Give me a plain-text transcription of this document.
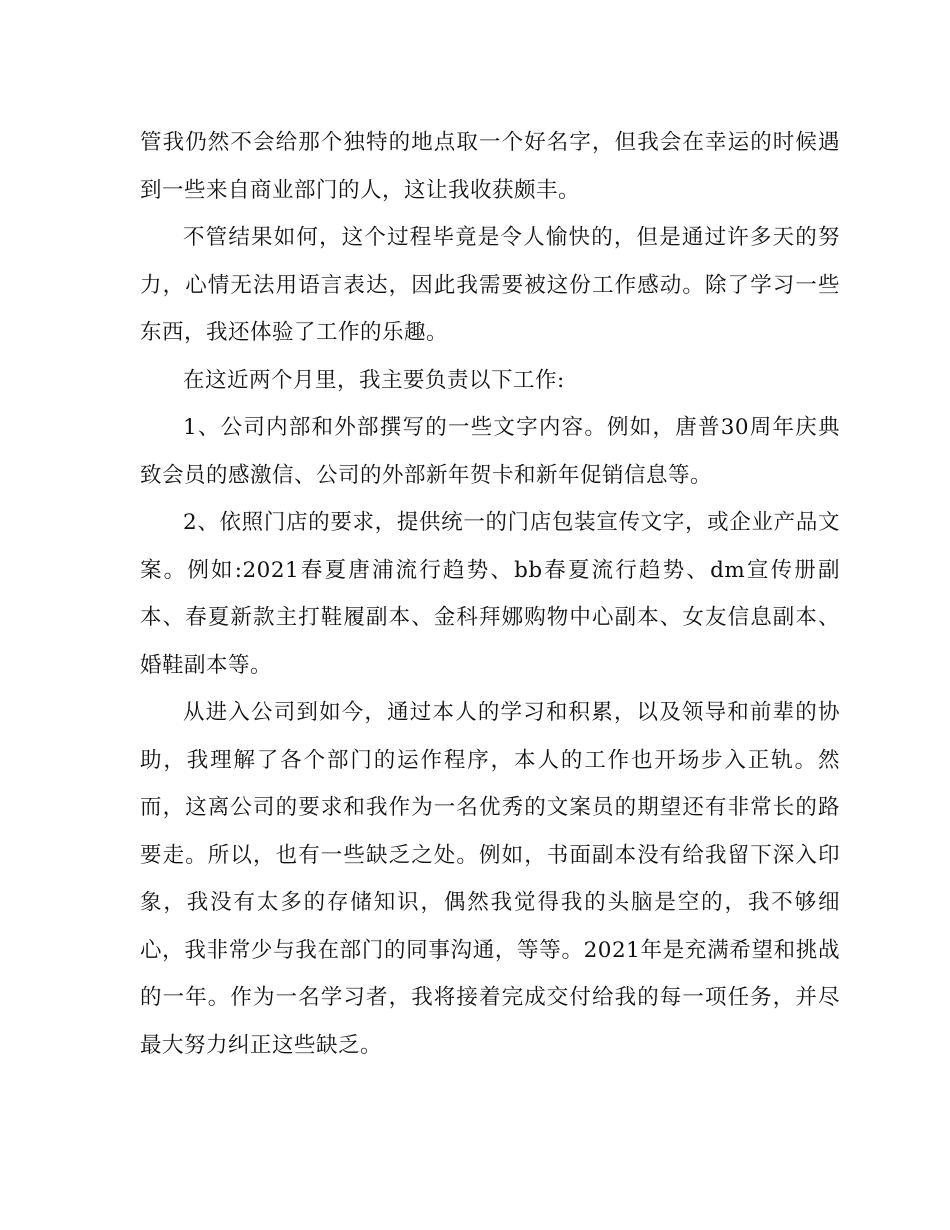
管我仍然不会给那个独特的地点取一个好名字，但我会在幸运的时候遇到一些来自商业部门的人，这让我收获颇丰。

不管结果如何，这个过程毕竟是令人愉快的，但是通过许多天的努力，心情无法用语言表达，因此我需要被这份工作感动。除了学习一些东西，我还体验了工作的乐趣。

在这近两个月里，我主要负责以下工作:

1、公司内部和外部撰写的一些文字内容。例如，唐普30周年庆典致会员的感激信、公司的外部新年贺卡和新年促销信息等。

2、依照门店的要求，提供统一的门店包装宣传文字，或企业产品文案。例如:2021春夏唐浦流行趋势、bb春夏流行趋势、dm宣传册副本、春夏新款主打鞋履副本、金科拜娜购物中心副本、女友信息副本、婚鞋副本等。

从进入公司到如今，通过本人的学习和积累，以及领导和前辈的协助，我理解了各个部门的运作程序，本人的工作也开场步入正轨。然而，这离公司的要求和我作为一名优秀的文案员的期望还有非常长的路要走。所以，也有一些缺乏之处。例如，书面副本没有给我留下深入印象，我没有太多的存储知识，偶然我觉得我的头脑是空的，我不够细心，我非常少与我在部门的同事沟通，等等。2021年是充满希望和挑战的一年。作为一名学习者，我将接着完成交付给我的每一项任务，并尽最大努力纠正这些缺乏。
